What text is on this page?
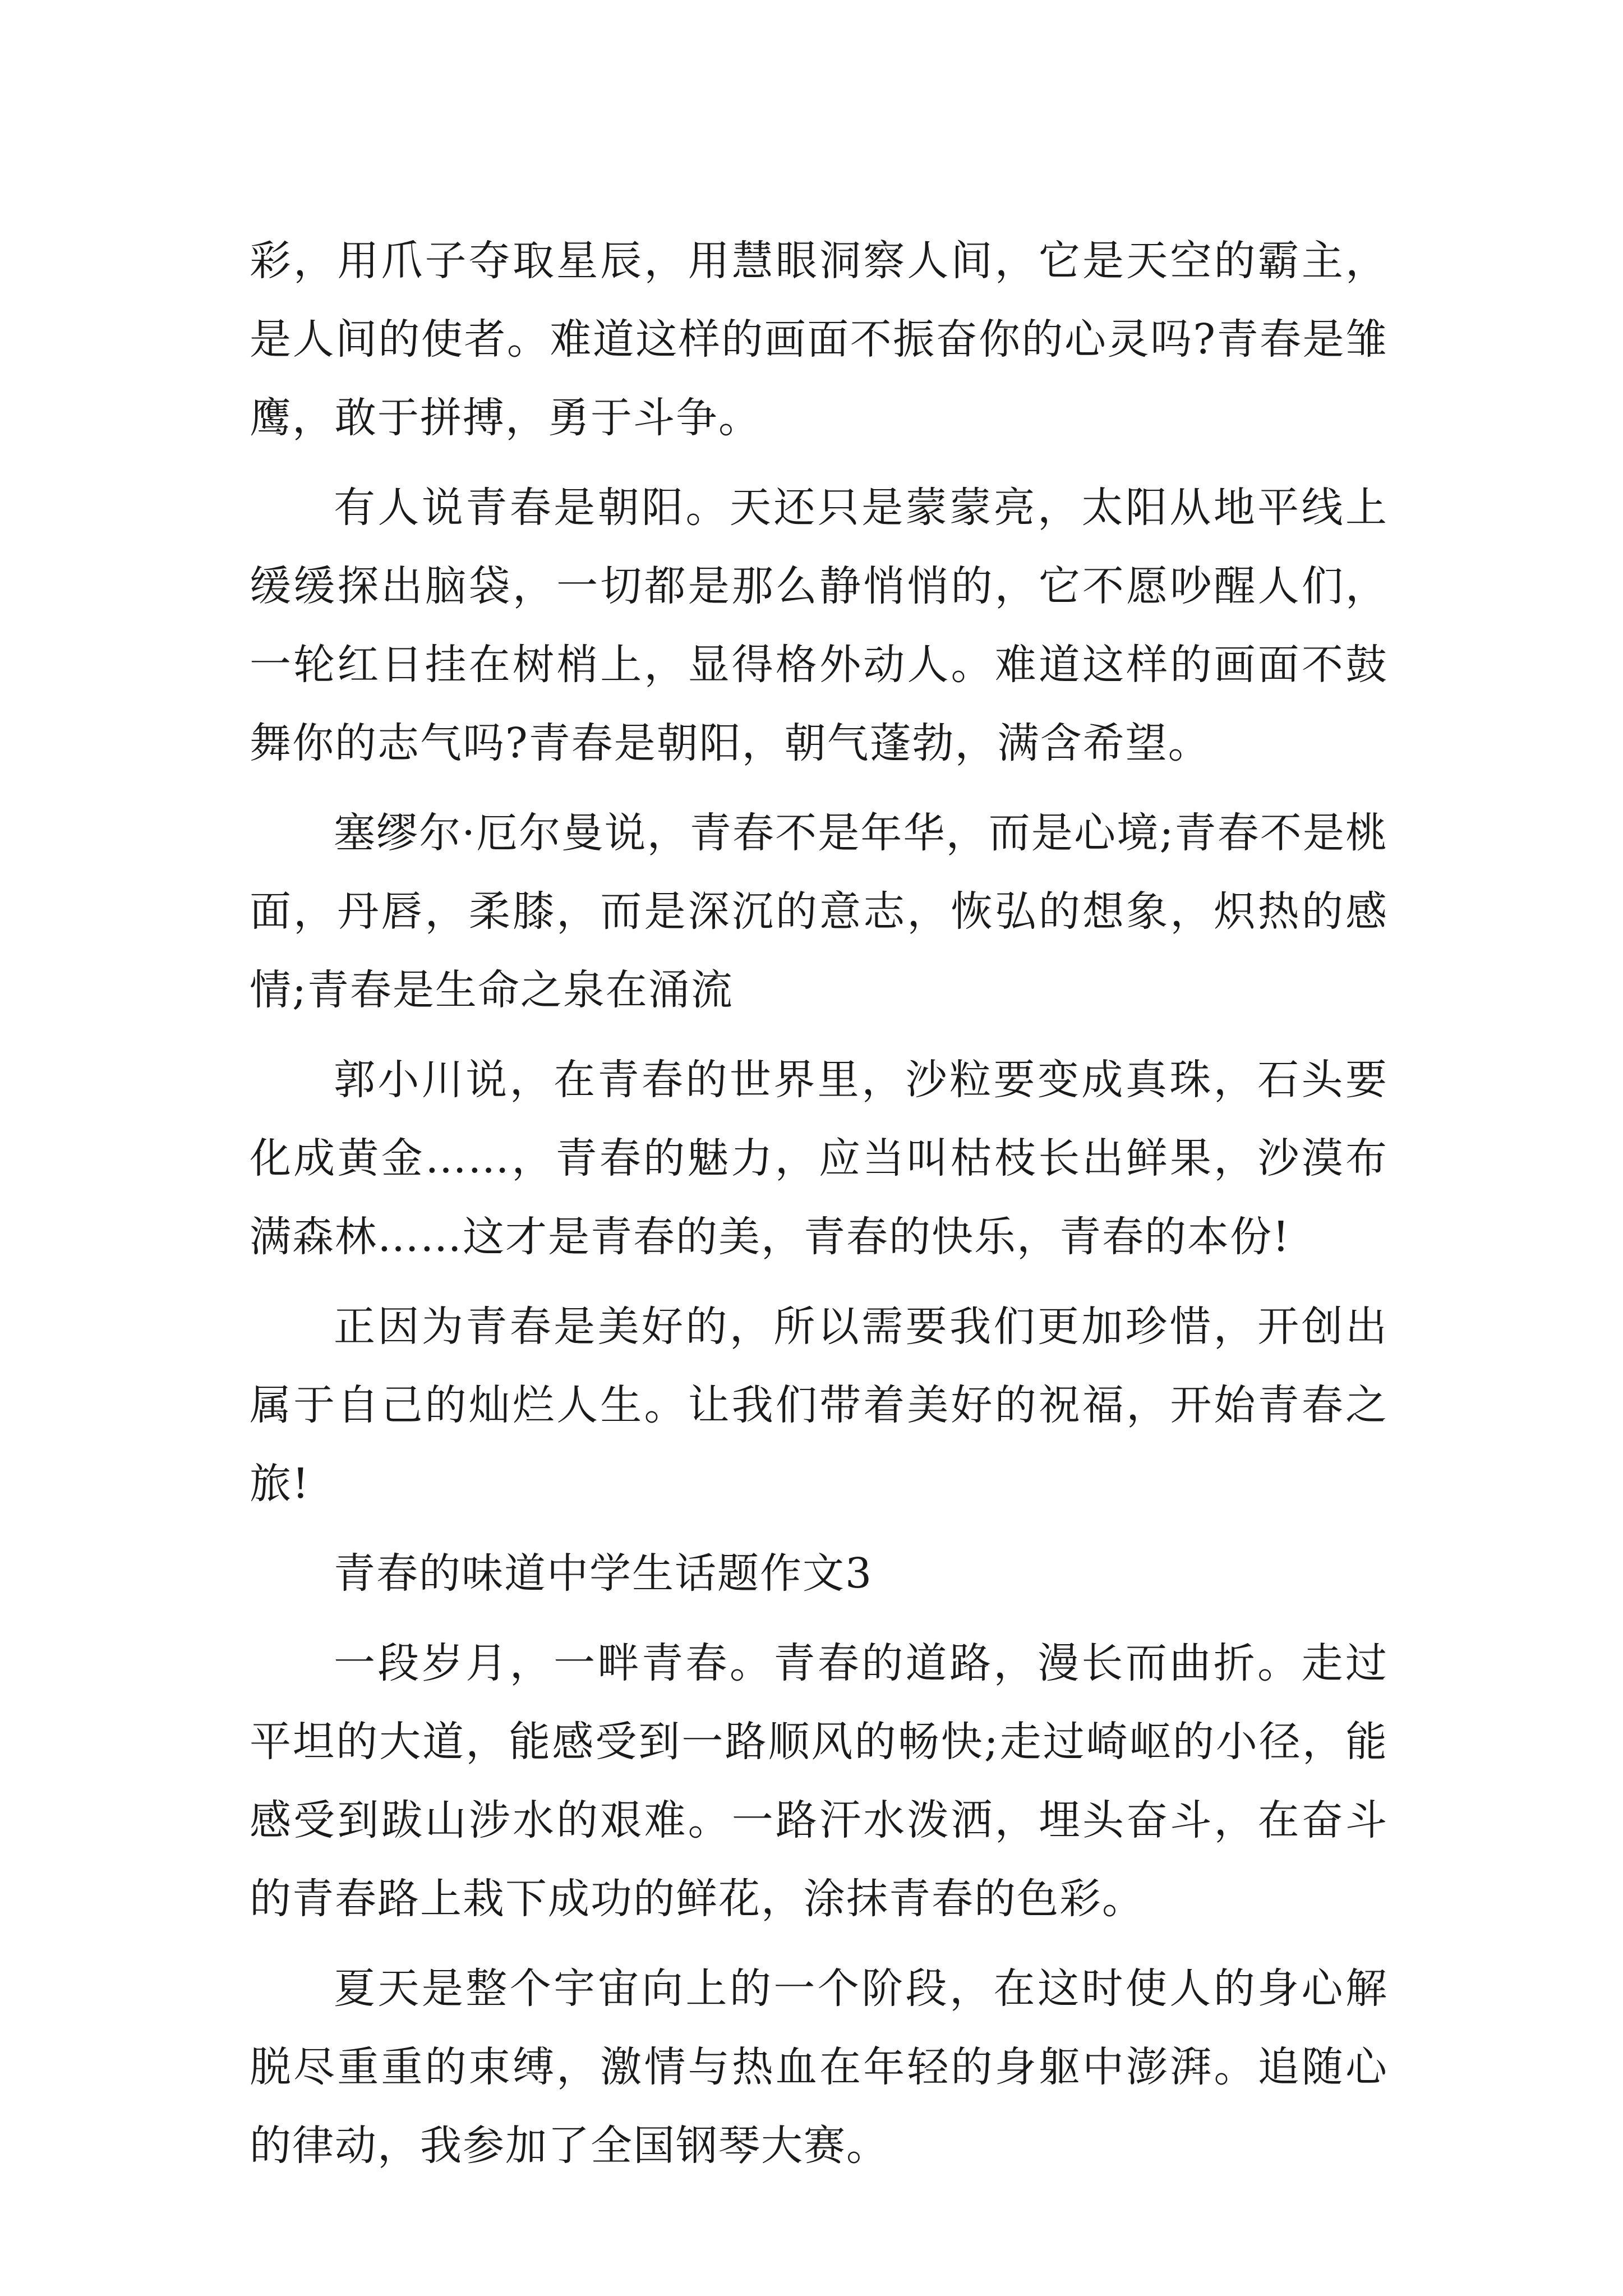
彩，用爪子夺取星辰，用慧眼洞察人间，它是天空的霸主，是人间的使者。难道这样的画面不振奋你的心灵吗?青春是雏鹰，敢于拼搏，勇于斗争。

有人说青春是朝阳。天还只是蒙蒙亮，太阳从地平线上缓缓探出脑袋，一切都是那么静悄悄的，它不愿吵醒人们，一轮红日挂在树梢上，显得格外动人。难道这样的画面不鼓舞你的志气吗?青春是朝阳，朝气蓬勃，满含希望。

塞缪尔·厄尔曼说，青春不是年华，而是心境;青春不是桃面，丹唇，柔膝，而是深沉的意志，恢弘的想象，炽热的感情;青春是生命之泉在涌流

郭小川说，在青春的世界里，沙粒要变成真珠，石头要化成黄金……，青春的魅力，应当叫枯枝长出鲜果，沙漠布满森林……这才是青春的美，青春的快乐，青春的本份!

正因为青春是美好的，所以需要我们更加珍惜，开创出属于自己的灿烂人生。让我们带着美好的祝福，开始青春之旅!

青春的味道中学生话题作文3

一段岁月，一畔青春。青春的道路，漫长而曲折。走过平坦的大道，能感受到一路顺风的畅快;走过崎岖的小径，能感受到跋山涉水的艰难。一路汗水泼洒，埋头奋斗，在奋斗的青春路上栽下成功的鲜花，涂抹青春的色彩。

夏天是整个宇宙向上的一个阶段，在这时使人的身心解脱尽重重的束缚，激情与热血在年轻的身躯中澎湃。追随心的律动，我参加了全国钢琴大赛。
